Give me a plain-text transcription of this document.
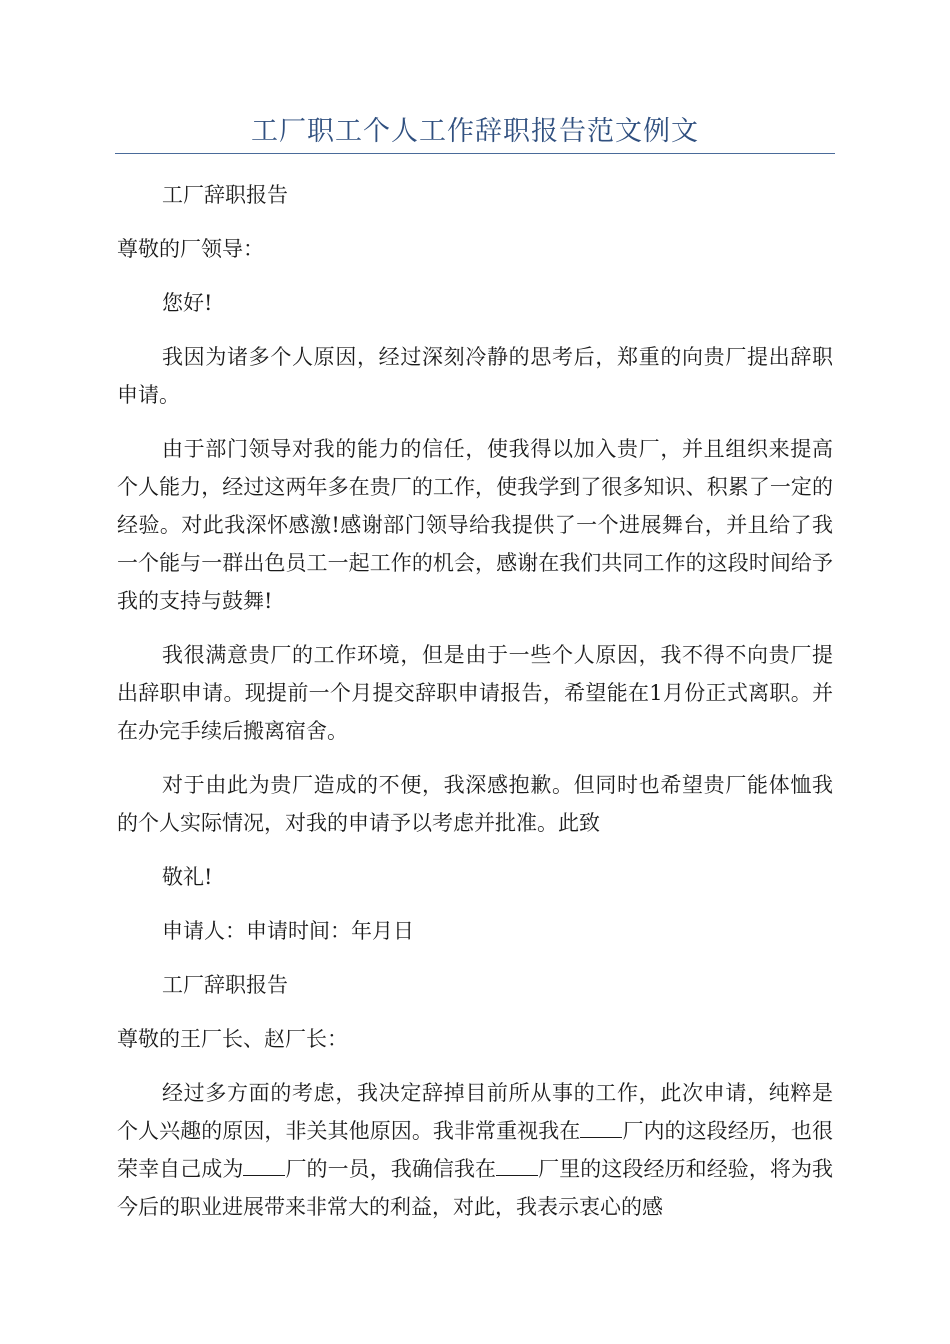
工厂职工个人工作辞职报告范文例文

工厂辞职报告

尊敬的厂领导：

您好!

我因为诸多个人原因，经过深刻冷静的思考后，郑重的向贵厂提出辞职申请。

由于部门领导对我的能力的信任，使我得以加入贵厂，并且组织来提高个人能力，经过这两年多在贵厂的工作，使我学到了很多知识、积累了一定的经验。对此我深怀感激!感谢部门领导给我提供了一个进展舞台，并且给了我一个能与一群出色员工一起工作的机会，感谢在我们共同工作的这段时间给予我的支持与鼓舞!

我很满意贵厂的工作环境，但是由于一些个人原因，我不得不向贵厂提出辞职申请。现提前一个月提交辞职申请报告，希望能在1月份正式离职。并在办完手续后搬离宿舍。

对于由此为贵厂造成的不便，我深感抱歉。但同时也希望贵厂能体恤我的个人实际情况，对我的申请予以考虑并批准。此致

敬礼!

申请人：申请时间：年月日

工厂辞职报告

尊敬的王厂长、赵厂长：

经过多方面的考虑，我决定辞掉目前所从事的工作，此次申请，纯粹是个人兴趣的原因，非关其他原因。我非常重视我在 厂内的这段经历，也很荣幸自己成为 厂的一员，我确信我在 厂里的这段经历和经验，将为我今后的职业进展带来非常大的利益，对此，我表示衷心的感
